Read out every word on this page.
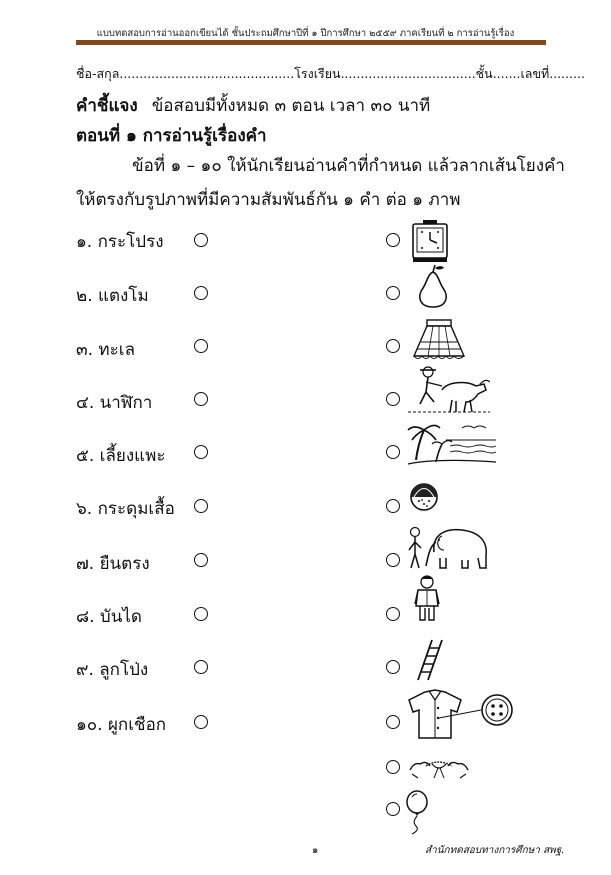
แบบทดสอบการอ่านออกเขียนได้ ชั้นประถมศึกษาปีที่ ๑ ปีการศึกษา ๒๕๕๙ ภาคเรียนที่ ๒ การอ่านรู้เรื่อง
ชื่อ-สกุล............................................โรงเรียน..................................ชั้น.......เลขที่.........
คำชี้แจง ข้อสอบมีทั้งหมด ๓ ตอน เวลา ๓๐ นาที
ตอนที่ ๑ การอ่านรู้เรื่องคำ
ข้อที่ ๑ – ๑๐ ให้นักเรียนอ่านคำที่กำหนด แล้วลากเส้นโยงคำ
ให้ตรงกับรูปภาพที่มีความสัมพันธ์กัน ๑ คำ ต่อ ๑ ภาพ
๑. กระโปรง
๒. แตงโม
๓. ทะเล
๔. นาฬิกา
๕. เลี้ยงแพะ
๖. กระดุมเสื้อ
๗. ยืนตรง
๘. บันได
๙. ลูกโป่ง
๑๐. ผูกเชือก
๑	สำนักทดสอบทางการศึกษา สพฐ.
